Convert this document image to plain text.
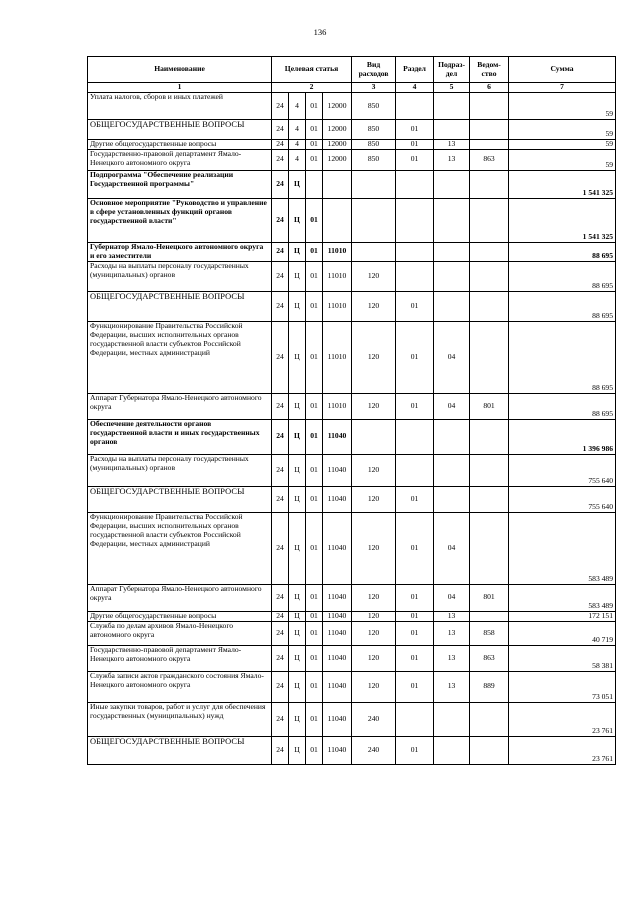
136
Наименование	Целевая статья				Вид расходов	Раздел	Подраз-дел	Ведом-ство	Сумма
1	2				3	4	5	6	7
Уплата налогов, сборов и иных платежей	24	4	01	12000	850				59
ОБЩЕГОСУДАРСТВЕННЫЕ ВОПРОСЫ	24	4	01	12000	850	01			59
Другие общегосударственные вопросы	24	4	01	12000	850	01	13		59
Государственно-правовой департамент Ямало-Ненецкого автономного округа	24	4	01	12000	850	01	13	863	59
Подпрограмма "Обеспечение реализации Государственной программы"	24	Ц							1 541 325
Основное мероприятие "Руководство и управление в сфере установленных функций органов государственной власти"	24	Ц	01						1 541 325
Губернатор Ямало-Ненецкого автономного округа и его заместители	24	Ц	01	11010					88 695
Расходы на выплаты персоналу государственных (муниципальных) органов	24	Ц	01	11010	120				88 695
ОБЩЕГОСУДАРСТВЕННЫЕ ВОПРОСЫ	24	Ц	01	11010	120	01			88 695
Функционирование Правительства Российской Федерации, высших исполнительных органов государственной власти субъектов Российской Федерации, местных администраций	24	Ц	01	11010	120	01	04		88 695
Аппарат Губернатора Ямало-Ненецкого автономного округа	24	Ц	01	11010	120	01	04	801	88 695
Обеспечение деятельности органов государственной власти и иных государственных органов	24	Ц	01	11040					1 396 986
Расходы на выплаты персоналу государственных (муниципальных) органов	24	Ц	01	11040	120				755 640
ОБЩЕГОСУДАРСТВЕННЫЕ ВОПРОСЫ	24	Ц	01	11040	120	01			755 640
Функционирование Правительства Российской Федерации, высших исполнительных органов государственной власти субъектов Российской Федерации, местных администраций	24	Ц	01	11040	120	01	04		583 489
Аппарат Губернатора Ямало-Ненецкого автономного округа	24	Ц	01	11040	120	01	04	801	583 489
Другие общегосударственные вопросы	24	Ц	01	11040	120	01	13		172 151
Служба по делам архивов Ямало-Ненецкого автономного округа	24	Ц	01	11040	120	01	13	858	40 719
Государственно-правовой департамент Ямало-Ненецкого автономного округа	24	Ц	01	11040	120	01	13	863	58 381
Служба записи актов гражданского состояния Ямало-Ненецкого автономного округа	24	Ц	01	11040	120	01	13	889	73 051
Иные закупки товаров, работ и услуг для обеспечения государственных (муниципальных) нужд	24	Ц	01	11040	240				23 761
ОБЩЕГОСУДАРСТВЕННЫЕ ВОПРОСЫ	24	Ц	01	11040	240	01			23 761
